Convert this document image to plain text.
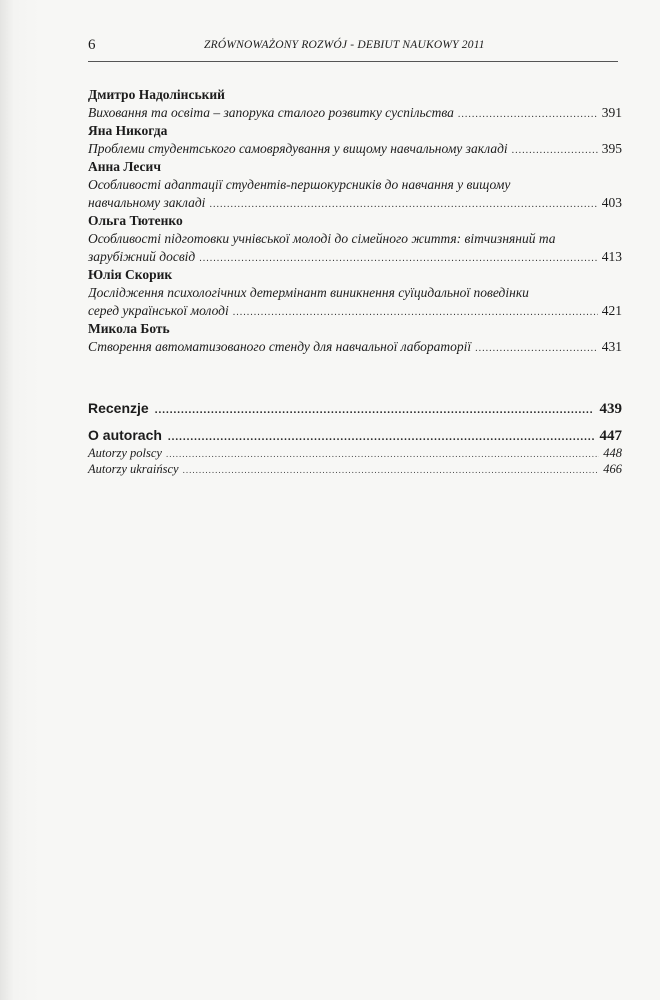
6	ZRÓWNOWAŻONY ROZWÓJ - DEBIUT NAUKOWY 2011
Дмитро Надолінський
Виховання та освіта – запорука сталого розвитку суспільства .....	391
Яна Никогда
Проблеми студентського самоврядування у вищому навчальному закладі .....	395
Анна Лесич
Особливості адаптації студентів-першокурсників до навчання у вищому
навчальному закладі .....	403
Ольга Тютенко
Особливості підготовки учнівської молоді до сімейного життя: вітчизняний та
зарубіжний досвід .....	413
Юлія Скорик
Дослідження психологічних детермінант виникнення суїцидальної поведінки
серед української молоді .....	421
Микола Боть
Створення автоматизованого стенду для навчальної лабораторії .....	431
Recenzje .....	439
O autorach .....	447
Autorzy polscy .....	448
Autorzy ukraińscy .....	466
